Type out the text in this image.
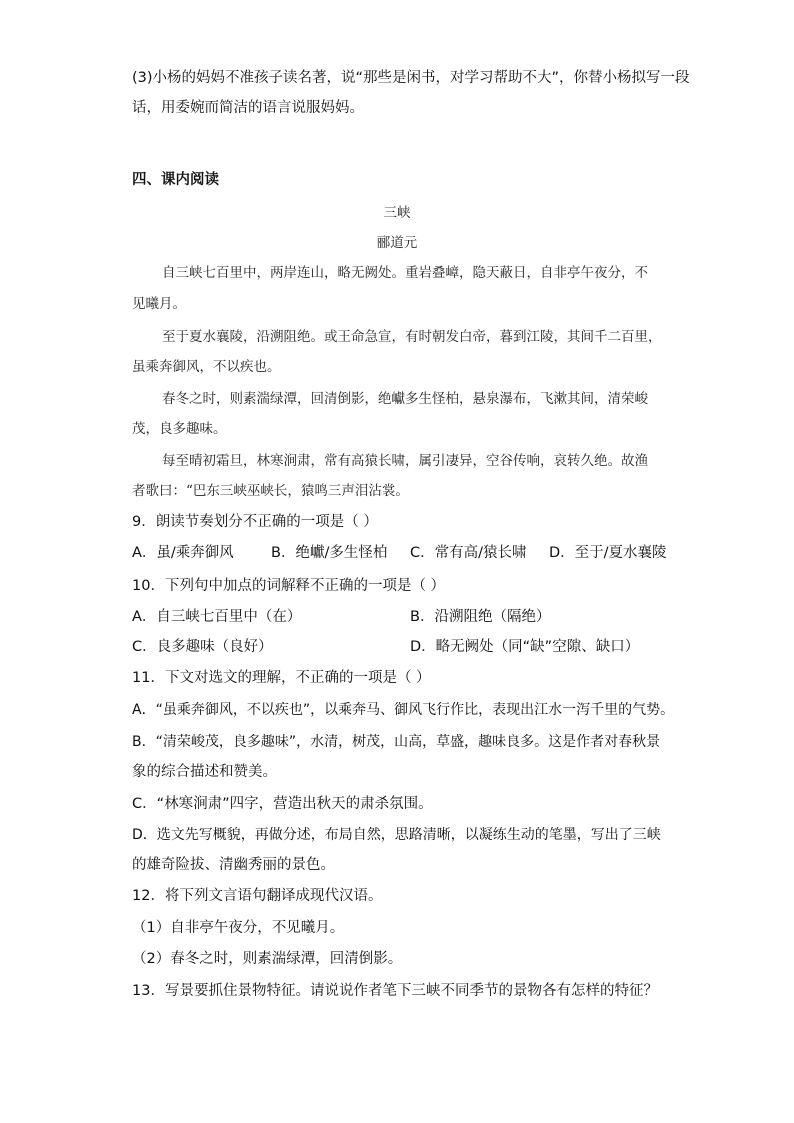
(3)小杨的妈妈不准孩子读名著，说“那些是闲书，对学习帮助不大”，你替小杨拟写一段
话，用委婉而简洁的语言说服妈妈。
四、课内阅读
三峡
郦道元
自三峡七百里中，两岸连山，略无阙处。重岩叠嶂，隐天蔽日，自非亭午夜分，不
见曦月。
至于夏水襄陵，沿溯阻绝。或王命急宣，有时朝发白帝，暮到江陵，其间千二百里，
虽乘奔御风，不以疾也。
春冬之时，则素湍绿潭，回清倒影，绝巘多生怪柏，悬泉瀑布，飞漱其间，清荣峻
茂，良多趣味。
每至晴初霜旦，林寒涧肃，常有高猿长啸，属引凄异，空谷传响，哀转久绝。故渔
者歌曰：“巴东三峡巫峡长，猿鸣三声泪沾裳。
9．朗读节奏划分不正确的一项是（ ）
A．虽/乘奔御风	B．绝巘/多生怪柏 C．常有高/猿长啸 D．至于/夏水襄陵
10．下列句中加点的词解释不正确的一项是（ ）
A．自三峡七百里中（在）	B．沿溯阻绝（隔绝）
C．良多趣味（良好）	D．略无阙处（同“缺”空隙、缺口）
11．下文对选文的理解，不正确的一项是（ ）
A．“虽乘奔御风，不以疾也”，以乘奔马、御风飞行作比，表现出江水一泻千里的气势。
B．“清荣峻茂，良多趣味”，水清，树茂，山高，草盛，趣味良多。这是作者对春秋景
象的综合描述和赞美。
C．“林寒涧肃”四字，营造出秋天的肃杀氛围。
D．选文先写概貌，再做分述，布局自然，思路清晰，以凝练生动的笔墨，写出了三峡
的雄奇险拔、清幽秀丽的景色。
12．将下列文言语句翻译成现代汉语。
（1）自非亭午夜分，不见曦月。
（2）春冬之时，则素湍绿潭，回清倒影。
13．写景要抓住景物特征。请说说作者笔下三峡不同季节的景物各有怎样的特征？
